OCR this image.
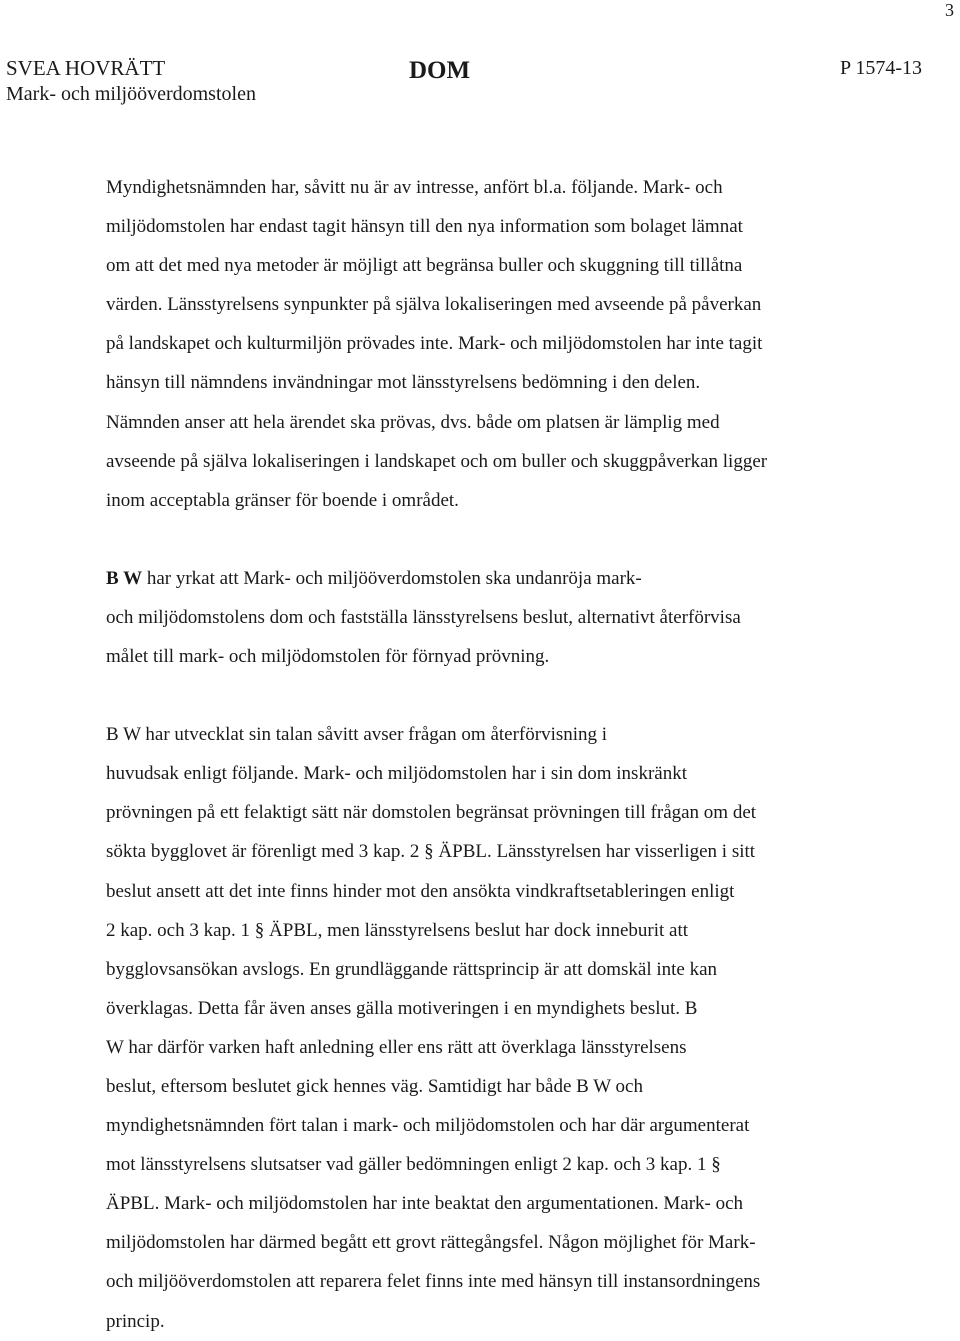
3
SVEA HOVRÄTT
Mark- och miljööverdomstolen
DOM	P 1574-13

Myndighetsnämnden har, såvitt nu är av intresse, anfört bl.a. följande. Mark- och
miljödomstolen har endast tagit hänsyn till den nya information som bolaget lämnat
om att det med nya metoder är möjligt att begränsa buller och skuggning till tillåtna
värden. Länsstyrelsens synpunkter på själva lokaliseringen med avseende på påverkan
på landskapet och kulturmiljön prövades inte. Mark- och miljödomstolen har inte tagit
hänsyn till nämndens invändningar mot länsstyrelsens bedömning i den delen.
Nämnden anser att hela ärendet ska prövas, dvs. både om platsen är lämplig med
avseende på själva lokaliseringen i landskapet och om buller och skuggpåverkan ligger
inom acceptabla gränser för boende i området.

B W har yrkat att Mark- och miljööverdomstolen ska undanröja mark-
och miljödomstolens dom och fastställa länsstyrelsens beslut, alternativt återförvisa
målet till mark- och miljödomstolen för förnyad prövning.

B W har utvecklat sin talan såvitt avser frågan om återförvisning i
huvudsak enligt följande. Mark- och miljödomstolen har i sin dom inskränkt
prövningen på ett felaktigt sätt när domstolen begränsat prövningen till frågan om det
sökta bygglovet är förenligt med 3 kap. 2 § ÄPBL. Länsstyrelsen har visserligen i sitt
beslut ansett att det inte finns hinder mot den ansökta vindkraftsetableringen enligt
2 kap. och 3 kap. 1 § ÄPBL, men länsstyrelsens beslut har dock inneburit att
bygglovsansökan avslogs. En grundläggande rättsprincip är att domskäl inte kan
överklagas. Detta får även anses gälla motiveringen i en myndighets beslut. B
W har därför varken haft anledning eller ens rätt att överklaga länsstyrelsens
beslut, eftersom beslutet gick hennes väg. Samtidigt har både B W och
myndighetsnämnden fört talan i mark- och miljödomstolen och har där argumenterat
mot länsstyrelsens slutsatser vad gäller bedömningen enligt 2 kap. och 3 kap. 1 §
ÄPBL. Mark- och miljödomstolen har inte beaktat den argumentationen. Mark- och
miljödomstolen har därmed begått ett grovt rättegångsfel. Någon möjlighet för Mark-
och miljööverdomstolen att reparera felet finns inte med hänsyn till instansordningens
princip.
